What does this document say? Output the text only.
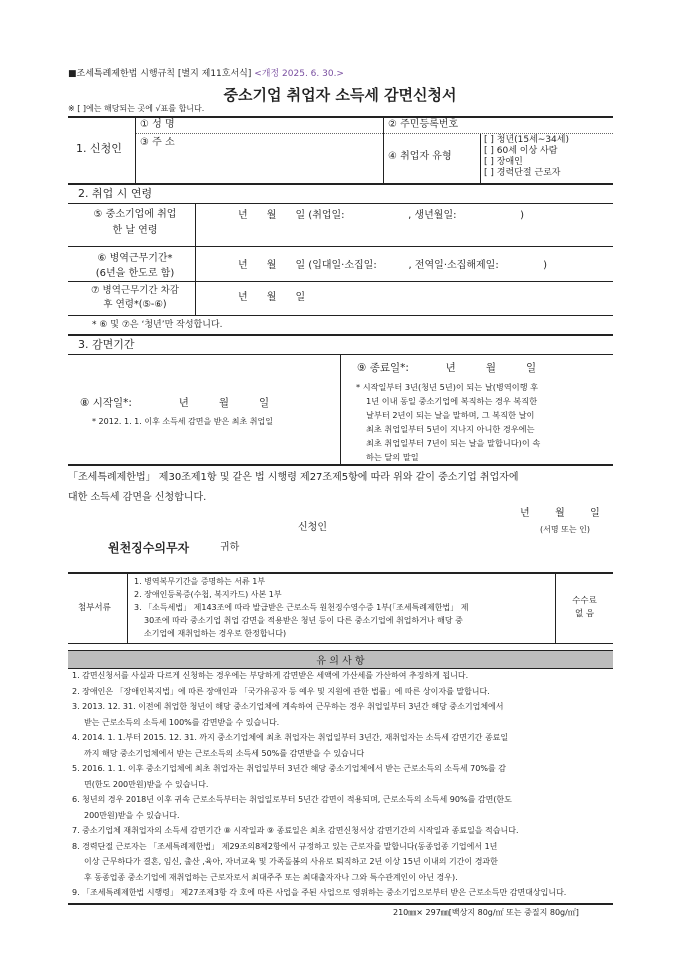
■조세특례제한법 시행규칙 [별지 제11호서식] <개정 2025. 6. 30.>
중소기업 취업자 소득세 감면신청서
※ [ ]에는 해당되는 곳에 √표를 합니다.
1. 신청인
① 성 명	② 주민등록번호
③ 주 소
④ 취업자 유형
[ ] 청년(15세∼34세)
[ ] 60세 이상 사람
[ ] 장애인
[ ] 경력단절 근로자
2. 취업 시 연령
⑤ 중소기업에 취업
한 날 연령
년      월      일 (취업일:                    , 생년월일:                    )
⑥ 병역근무기간*
(6년을 한도로 함)
년      월      일 (입대일·소집일:          , 전역일·소집해제일:              )
⑦ 병역근무기간 차감
후 연령*(⑤-⑥)
년      월      일
* ⑥ 및 ⑦은 ‘청년’만 작성합니다.
3. 감면기간
⑧ 시작일*:              년         월         일
* 2012. 1. 1. 이후 소득세 감면을 받은 최초 취업일
⑨ 종료일*:           년         월         일
* 시작일부터 3년(청년 5년)이 되는 날(병역이행 후
1년 이내 동일 중소기업에 복직하는 경우 복직한
날부터 2년이 되는 날을 말하며, 그 복직한 날이
최초 취업일부터 5년이 지나지 아니한 경우에는
최초 취업일부터 7년이 되는 날을 말합니다)이 속
하는 달의 말일
「조세특례제한법」 제30조제1항 및 같은 법 시행령 제27조제5항에 따라 위와 같이 중소기업 취업자에
대한 소득세 감면을 신청합니다.
년        월        일
신청인	(서명 또는 인)
원천징수의무자	귀하
첨부서류
1. 병역복무기간을 증명하는 서류 1부
2. 장애인등록증(수첩, 복지카드) 사본 1부
3. 「소득세법」 제143조에 따라 발급받은 근로소득 원천징수영수증 1부(「조세특례제한법」 제
30조에 따라 중소기업 취업 감면을 적용받은 청년 등이 다른 중소기업에 취업하거나 해당 중
소기업에 재취업하는 경우로 한정합니다)
수수료
없 음
유 의 사 항
1. 감면신청서를 사실과 다르게 신청하는 경우에는 부당하게 감면받은 세액에 가산세를 가산하여 추징하게 됩니다.
2. 장애인은 「장애인복지법」에 따른 장애인과 「국가유공자 등 예우 및 지원에 관한 법률」에 따른 상이자를 말합니다.
3. 2013. 12. 31. 이전에 취업한 청년이 해당 중소기업체에 계속하여 근무하는 경우 취업일부터 3년간 해당 중소기업체에서
받는 근로소득의 소득세 100%를 감면받을 수 있습니다.
4. 2014. 1. 1.부터 2015. 12. 31. 까지 중소기업체에 최초 취업자는 취업일부터 3년간, 재취업자는 소득세 감면기간 종료일
까지 해당 중소기업체에서 받는 근로소득의 소득세 50%를 감면받을 수 있습니다
5. 2016. 1. 1. 이후 중소기업체에 최초 취업자는 취업일부터 3년간 해당 중소기업체에서 받는 근로소득의 소득세 70%를 감
면(한도 200만원)받을 수 있습니다.
6. 청년의 경우 2018년 이후 귀속 근로소득부터는 취업일로부터 5년간 감면이 적용되며, 근로소득의 소득세 90%를 감면(한도
200만원)받을 수 있습니다.
7. 중소기업체 재취업자의 소득세 감면기간 ⑧ 시작일과 ⑨ 종료일은 최초 감면신청서상 감면기간의 시작일과 종료일을 적습니다.
8. 경력단절 근로자는 「조세특례제한법」 제29조의8제2항에서 규정하고 있는 근로자를 말합니다(동종업종 기업에서 1년
이상 근무하다가 결혼, 임신, 출산 ,육아, 자녀교육 및 가족돌봄의 사유로 퇴직하고 2년 이상 15년 이내의 기간이 경과한
후 동종업종 중소기업에 재취업하는 근로자로서 최대주주 또는 최대출자자나 그와 특수관계인이 아닌 경우).
9. 「조세특례제한법 시행령」 제27조제3항 각 호에 따른 사업을 주된 사업으로 영위하는 중소기업으로부터 받은 근로소득만 감면대상입니다.
210㎜× 297㎜[백상지 80g/㎡ 또는 중질지 80g/㎡]
